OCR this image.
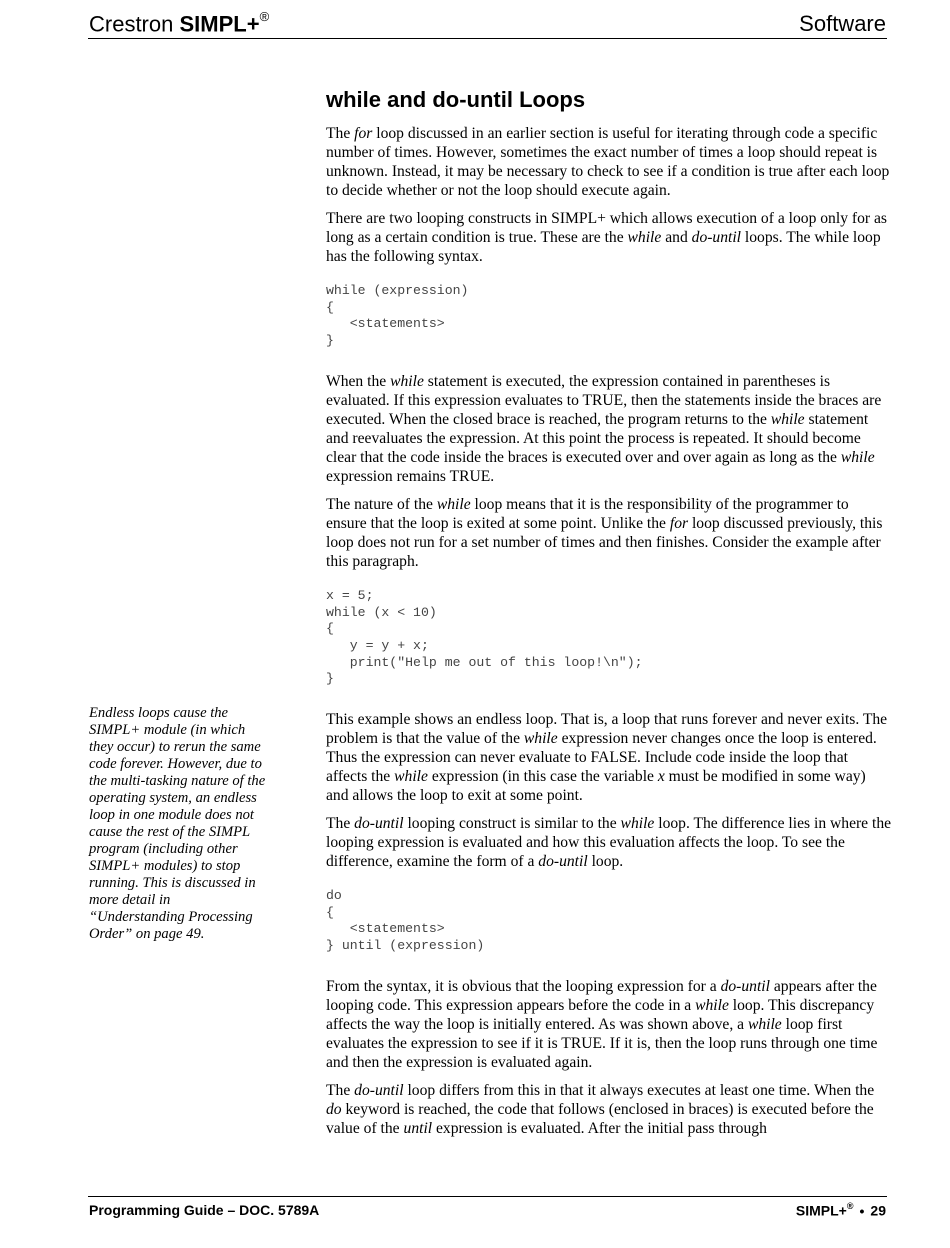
Crestron SIMPL+®	Software
while and do-until Loops

The for loop discussed in an earlier section is useful for iterating through code a specific number of times. However, sometimes the exact number of times a loop should repeat is unknown. Instead, it may be necessary to check to see if a condition is true after each loop to decide whether or not the loop should execute again.

There are two looping constructs in SIMPL+ which allows execution of a loop only for as long as a certain condition is true. These are the while and do-until loops. The while loop has the following syntax.

while (expression)
{
<statements>
}

When the while statement is executed, the expression contained in parentheses is evaluated. If this expression evaluates to TRUE, then the statements inside the braces are executed. When the closed brace is reached, the program returns to the while statement and reevaluates the expression. At this point the process is repeated. It should become clear that the code inside the braces is executed over and over again as long as the while expression remains TRUE.

The nature of the while loop means that it is the responsibility of the programmer to ensure that the loop is exited at some point. Unlike the for loop discussed previously, this loop does not run for a set number of times and then finishes. Consider the example after this paragraph.

x = 5;
while (x < 10)
{
y = y + x;
print("Help me out of this loop!\n");
}

This example shows an endless loop. That is, a loop that runs forever and never exits. The problem is that the value of the while expression never changes once the loop is entered. Thus the expression can never evaluate to FALSE. Include code inside the loop that affects the while expression (in this case the variable x must be modified in some way) and allows the loop to exit at some point.

The do-until looping construct is similar to the while loop. The difference lies in where the looping expression is evaluated and how this evaluation affects the loop. To see the difference, examine the form of a do-until loop.

do
{
<statements>
} until (expression)

From the syntax, it is obvious that the looping expression for a do-until appears after the looping code. This expression appears before the code in a while loop. This discrepancy affects the way the loop is initially entered. As was shown above, a while loop first evaluates the expression to see if it is TRUE. If it is, then the loop runs through one time and then the expression is evaluated again.

The do-until loop differs from this in that it always executes at least one time. When the do keyword is reached, the code that follows (enclosed in braces) is executed before the value of the until expression is evaluated. After the initial pass through

Endless loops cause the SIMPL+ module (in which they occur) to rerun the same code forever. However, due to the multi-tasking nature of the operating system, an endless loop in one module does not cause the rest of the SIMPL program (including other SIMPL+ modules) to stop running. This is discussed in more detail in “Understanding Processing Order” on page 49.

Programming Guide – DOC. 5789A	SIMPL+® • 29
